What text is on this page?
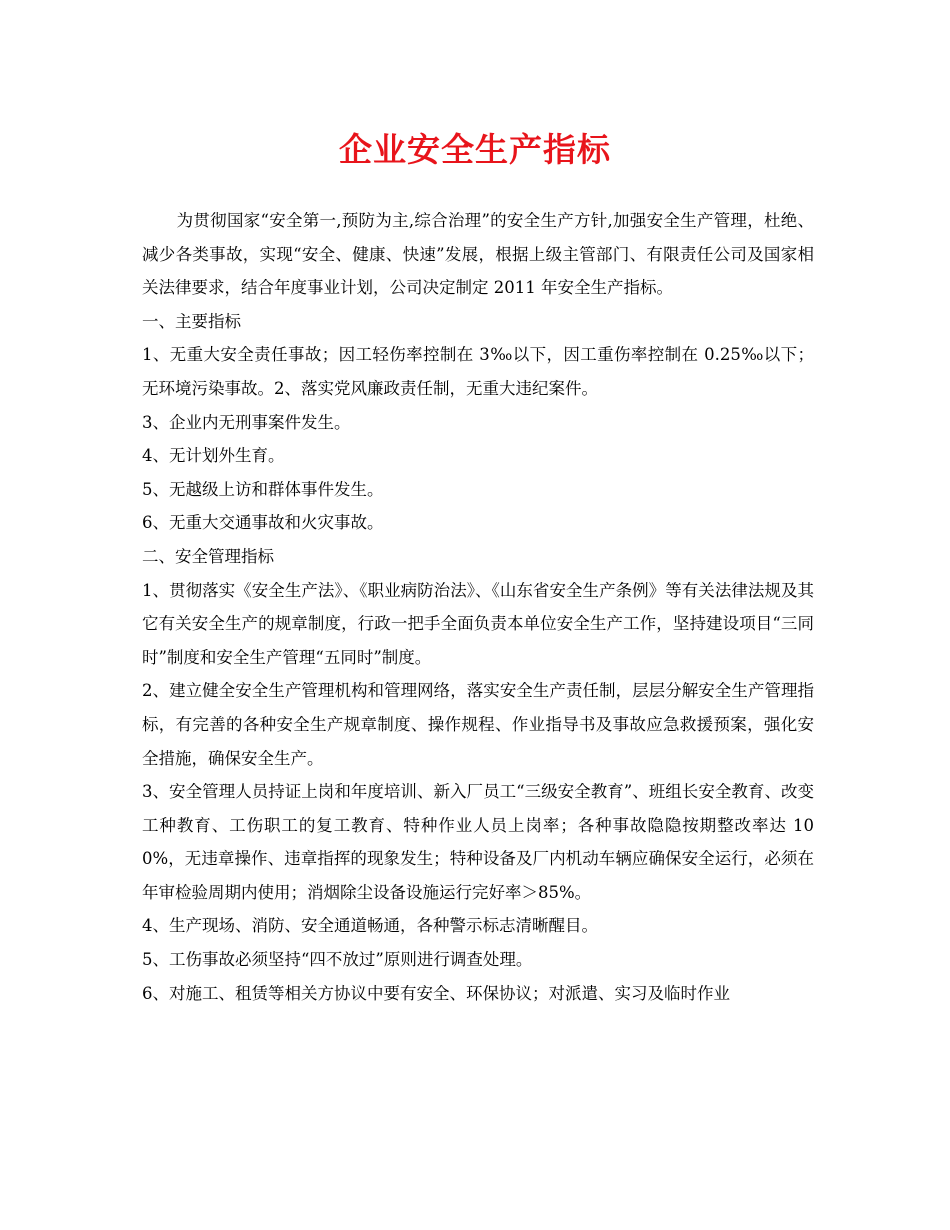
企业安全生产指标

为贯彻国家“安全第一,预防为主,综合治理”的安全生产方针,加强安全生产管理，杜绝、减少各类事故，实现“安全、健康、快速”发展，根据上级主管部门、有限责任公司及国家相关法律要求，结合年度事业计划，公司决定制定 2011 年安全生产指标。

一、主要指标

1、无重大安全责任事故；因工轻伤率控制在 3‰以下，因工重伤率控制在 0.25‰以下；无环境污染事故。2、落实党风廉政责任制，无重大违纪案件。

3、企业内无刑事案件发生。

4、无计划外生育。

5、无越级上访和群体事件发生。

6、无重大交通事故和火灾事故。

二、安全管理指标

1、贯彻落实《安全生产法》、《职业病防治法》、《山东省安全生产条例》等有关法律法规及其它有关安全生产的规章制度，行政一把手全面负责本单位安全生产工作，坚持建设项目“三同时”制度和安全生产管理“五同时”制度。

2、建立健全安全生产管理机构和管理网络，落实安全生产责任制，层层分解安全生产管理指标，有完善的各种安全生产规章制度、操作规程、作业指导书及事故应急救援预案，强化安全措施，确保安全生产。

3、安全管理人员持证上岗和年度培训、新入厂员工“三级安全教育”、班组长安全教育、改变工种教育、工伤职工的复工教育、特种作业人员上岗率；各种事故隐隐按期整改率达 100%，无违章操作、违章指挥的现象发生；特种设备及厂内机动车辆应确保安全运行，必须在年审检验周期内使用；消烟除尘设备设施运行完好率＞85%。

4、生产现场、消防、安全通道畅通，各种警示标志清晰醒目。

5、工伤事故必须坚持“四不放过”原则进行调查处理。

6、对施工、租赁等相关方协议中要有安全、环保协议；对派遣、实习及临时作业
